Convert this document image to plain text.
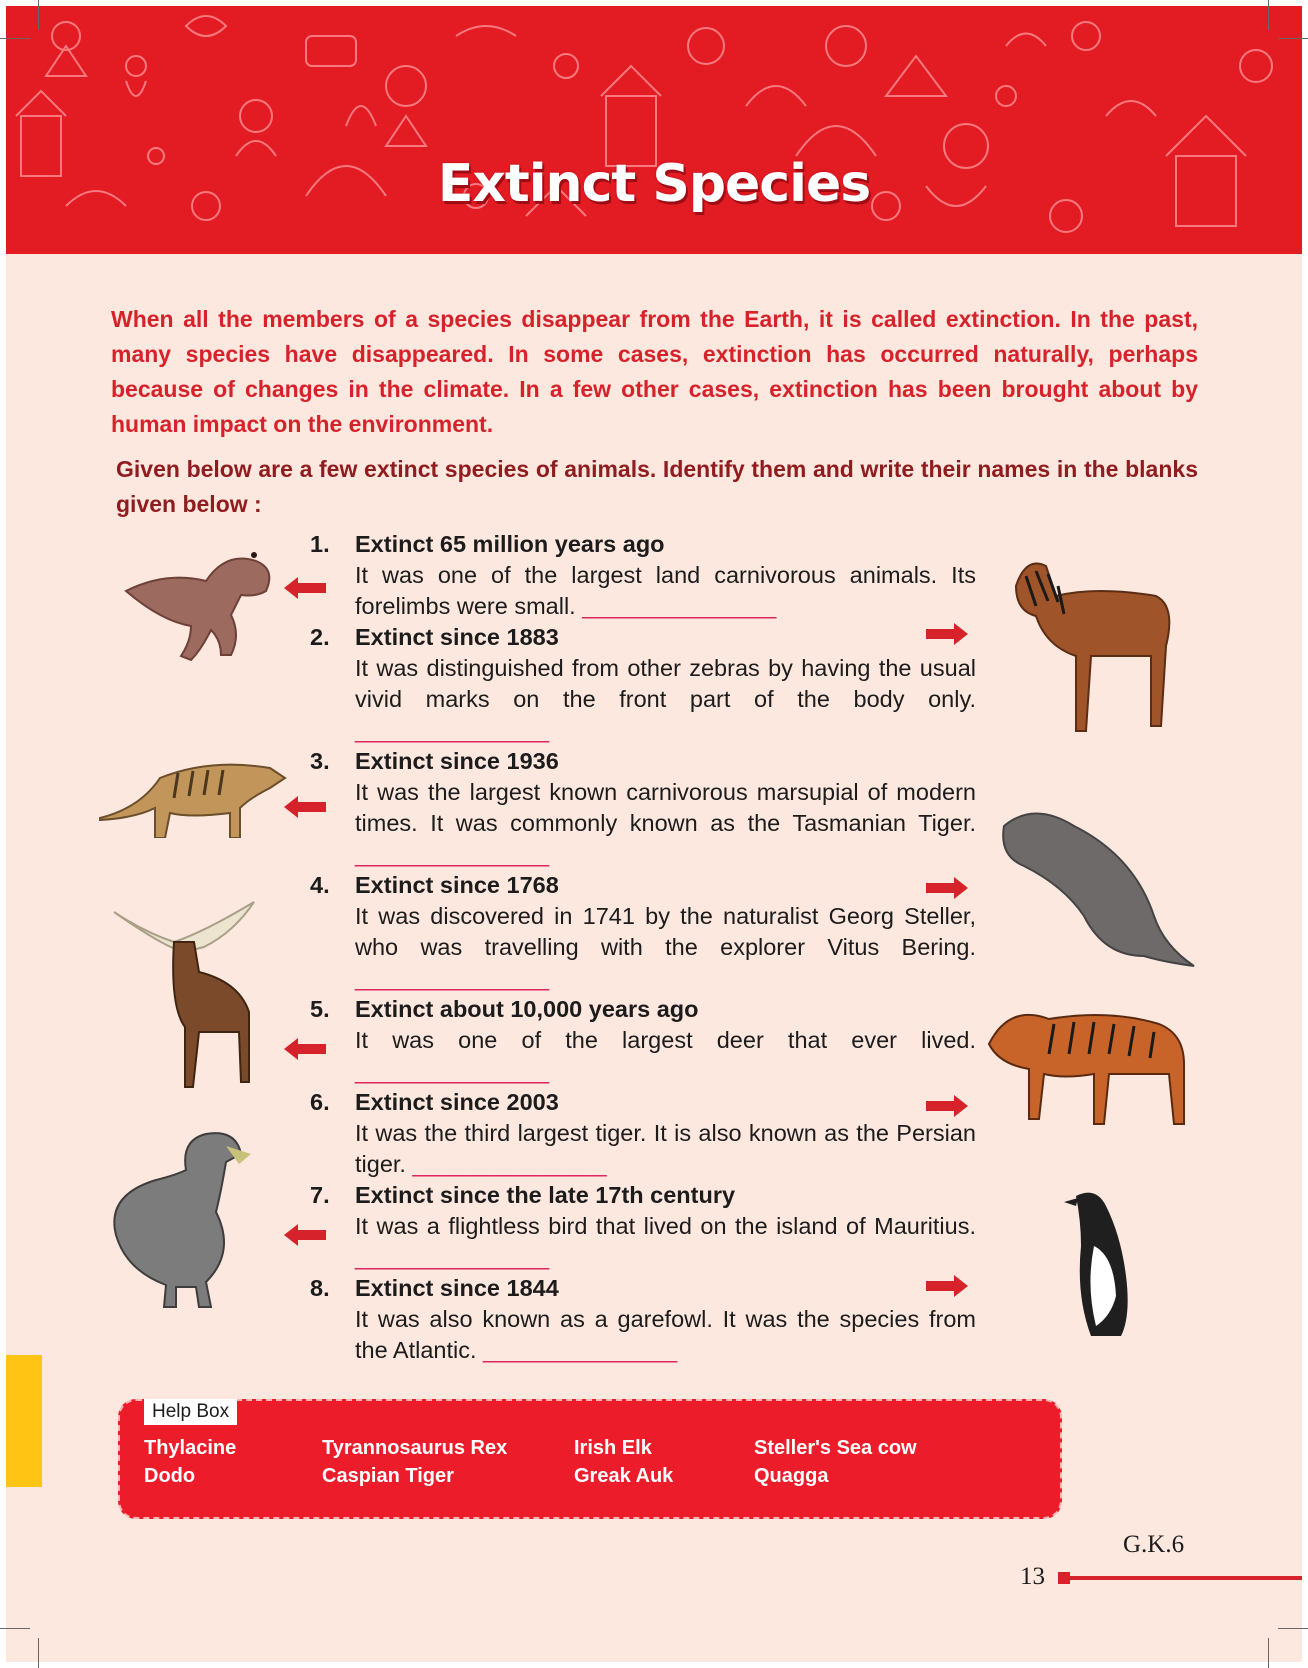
Extinct Species

When all the members of a species disappear from the Earth, it is called extinction. In the past, many species have disappeared. In some cases, extinction has occurred naturally, perhaps because of changes in the climate. In a few other cases, extinction has been brought about by human impact on the environment.

Given below are a few extinct species of animals. Identify them and write their names in the blanks given below :

1. Extinct 65 million years ago
It was one of the largest land carnivorous animals. Its forelimbs were small. ________________
2. Extinct since 1883
It was distinguished from other zebras by having the usual vivid marks on the front part of the body only. ________________
3. Extinct since 1936
It was the largest known carnivorous marsupial of modern times. It was commonly known as the Tasmanian Tiger. ________________
4. Extinct since 1768
It was discovered in 1741 by the naturalist Georg Steller, who was travelling with the explorer Vitus Bering. ________________
5. Extinct about 10,000 years ago
It was one of the largest deer that ever lived. ________________
6. Extinct since 2003
It was the third largest tiger. It is also known as the Persian tiger. ________________
7. Extinct since the late 17th century
It was a flightless bird that lived on the island of Mauritius. ________________
8. Extinct since 1844
It was also known as a garefowl. It was the species from the Atlantic. ________________
Help Box
Thylacine
Dodo
Tyrannosaurus Rex
Caspian Tiger
Irish Elk
Greak Auk
Steller's Sea cow
Quagga
G.K.6
13
